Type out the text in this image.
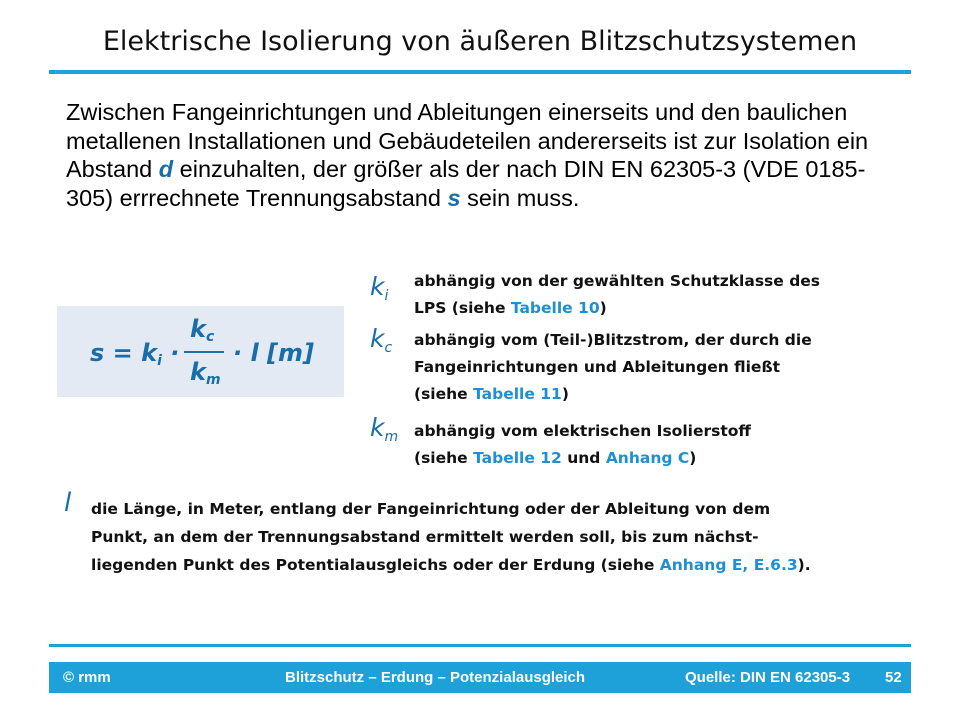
Elektrische Isolierung von äußeren Blitzschutzsystemen
Zwischen Fangeinrichtungen und Ableitungen einerseits und den baulichen metallenen Installationen und Gebäudeteilen andererseits ist zur Isolation ein Abstand d einzuhalten, der größer als der nach DIN EN 62305-3 (VDE 0185-305) errrechnete Trennungsabstand s sein muss.
$s = k_i$ ·
$k_c$
$k_m$
· l [m]
$k_i$
abhängig von der gewählten Schutzklasse des
LPS (siehe Tabelle 10)
$k_c$ abhängig vom (Teil-)Blitzstrom, der durch die
Fangeinrichtungen und Ableitungen fließt
(siehe Tabelle 11)
$k_m$ abhängig vom elektrischen Isolierstoff
(siehe Tabelle 12 und Anhang C)
l die Länge, in Meter, entlang der Fangeinrichtung oder der Ableitung von dem
Punkt, an dem der Trennungsabstand ermittelt werden soll, bis zum nächst-
liegenden Punkt des Potentialausgleichs oder der Erdung (siehe Anhang E, E.6.3).
© rmm	Blitzschutz – Erdung – Potenzialausgleich	Quelle: DIN EN 62305-3 52
